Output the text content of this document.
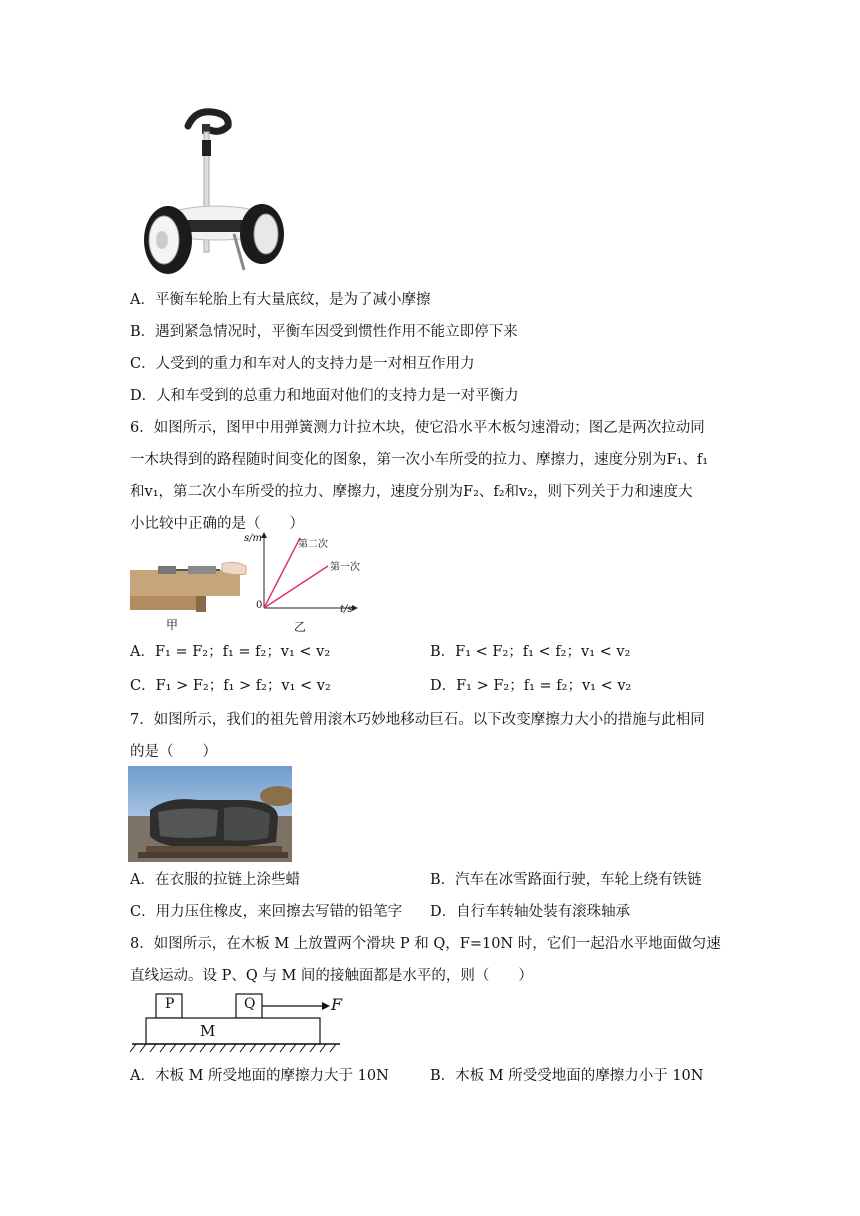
A．平衡车轮胎上有大量底纹，是为了减小摩擦
B．遇到紧急情况时，平衡车因受到惯性作用不能立即停下来
C．人受到的重力和车对人的支持力是一对相互作用力
D．人和车受到的总重力和地面对他们的支持力是一对平衡力
6．如图所示，图甲中用弹簧测力计拉木块，使它沿水平木板匀速滑动；图乙是两次拉动同
一木块得到的路程随时间变化的图象，第一次小车所受的拉力、摩擦力，速度分别为F₁、f₁
和v₁，第二次小车所受的拉力、摩擦力，速度分别为F₂、f₂和v₂，则下列关于力和速度大
小比较中正确的是（　　）
甲
s/m
t/s
0
第二次
第一次
乙
A．F₁ = F₂；f₁ = f₂；v₁ < v₂	B．F₁ < F₂；f₁ < f₂；v₁ < v₂
C．F₁ > F₂；f₁ > f₂；v₁ < v₂	D．F₁ > F₂；f₁ = f₂；v₁ < v₂
7．如图所示，我们的祖先曾用滚木巧妙地移动巨石。以下改变摩擦力大小的措施与此相同
的是（　　）
A．在衣服的拉链上涂些蜡	B．汽车在冰雪路面行驶，车轮上绕有铁链
C．用力压住橡皮，来回擦去写错的铅笔字 D．自行车转轴处装有滚珠轴承
8．如图所示，在木板 M 上放置两个滑块 P 和 Q，F=10N 时，它们一起沿水平地面做匀速
直线运动。设 P、Q 与 M 间的接触面都是水平的，则（　　）
P	Q
M
F
A．木板 M 所受地面的摩擦力大于 10N	B．木板 M 所受受地面的摩擦力小于 10N
